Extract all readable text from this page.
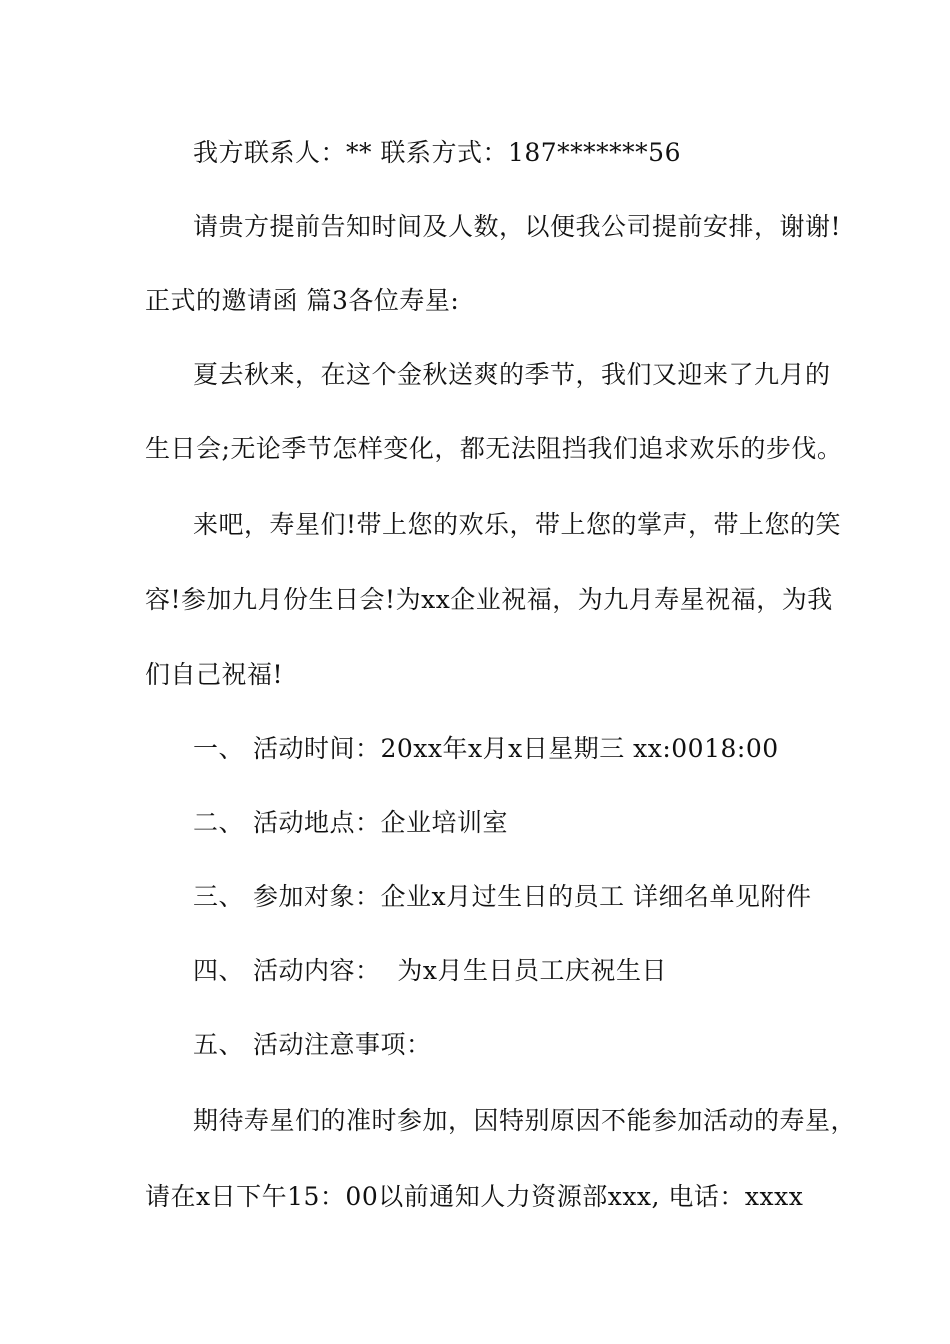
我方联系人：** 联系方式：187*******56

请贵方提前告知时间及人数，以便我公司提前安排，谢谢!

正式的邀请函 篇3各位寿星:

夏去秋来，在这个金秋送爽的季节，我们又迎来了九月的

生日会;无论季节怎样变化，都无法阻挡我们追求欢乐的步伐。

来吧，寿星们!带上您的欢乐，带上您的掌声，带上您的笑

容!参加九月份生日会!为xx企业祝福，为九月寿星祝福，为我

们自己祝福!

一、 活动时间：20xx年x月x日星期三 xx:0018:00

二、 活动地点：企业培训室

三、 参加对象：企业x月过生日的员工 详细名单见附件

四、 活动内容：  为x月生日员工庆祝生日

五、 活动注意事项：

期待寿星们的准时参加，因特别原因不能参加活动的寿星，

请在x日下午15：00以前通知人力资源部xxx, 电话：xxxx
